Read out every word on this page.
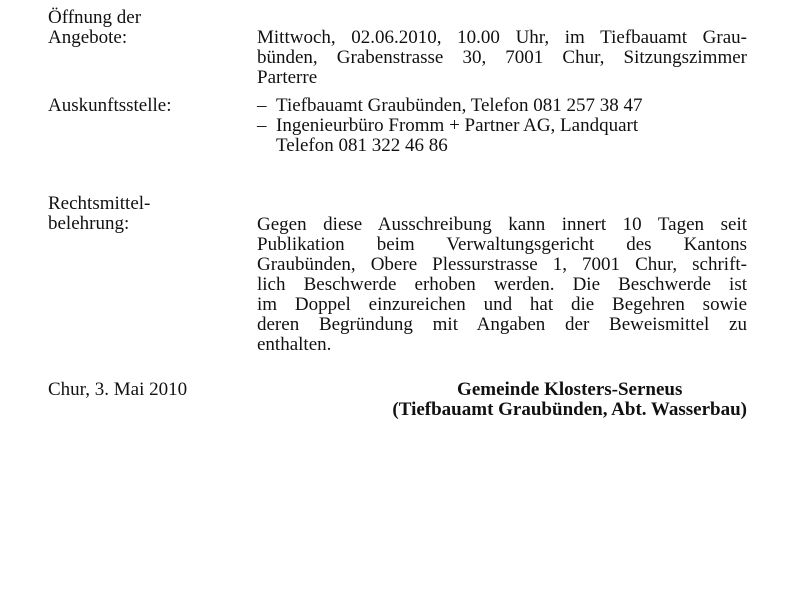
Öffnung der
Angebote:	Mittwoch, 02.06.2010, 10.00 Uhr, im Tiefbauamt Grau-
bünden, Grabenstrasse 30, 7001 Chur, Sitzungszimmer
Parterre
Auskunftsstelle:	– Tiefbauamt Graubünden, Telefon 081 257 38 47
– Ingenieurbüro Fromm + Partner AG, Landquart
Telefon 081 322 46 86
Rechtsmittel-
belehrung:	Gegen diese Ausschreibung kann innert 10 Tagen seit
Publikation beim Verwaltungsgericht des Kantons
Graubünden, Obere Plessurstrasse 1, 7001 Chur, schrift-
lich Beschwerde erhoben werden. Die Beschwerde ist
im Doppel einzureichen und hat die Begehren sowie
deren Begründung mit Angaben der Beweismittel zu
enthalten.
Chur, 3. Mai 2010	Gemeinde Klosters-Serneus
(Tiefbauamt Graubünden, Abt. Wasserbau)
